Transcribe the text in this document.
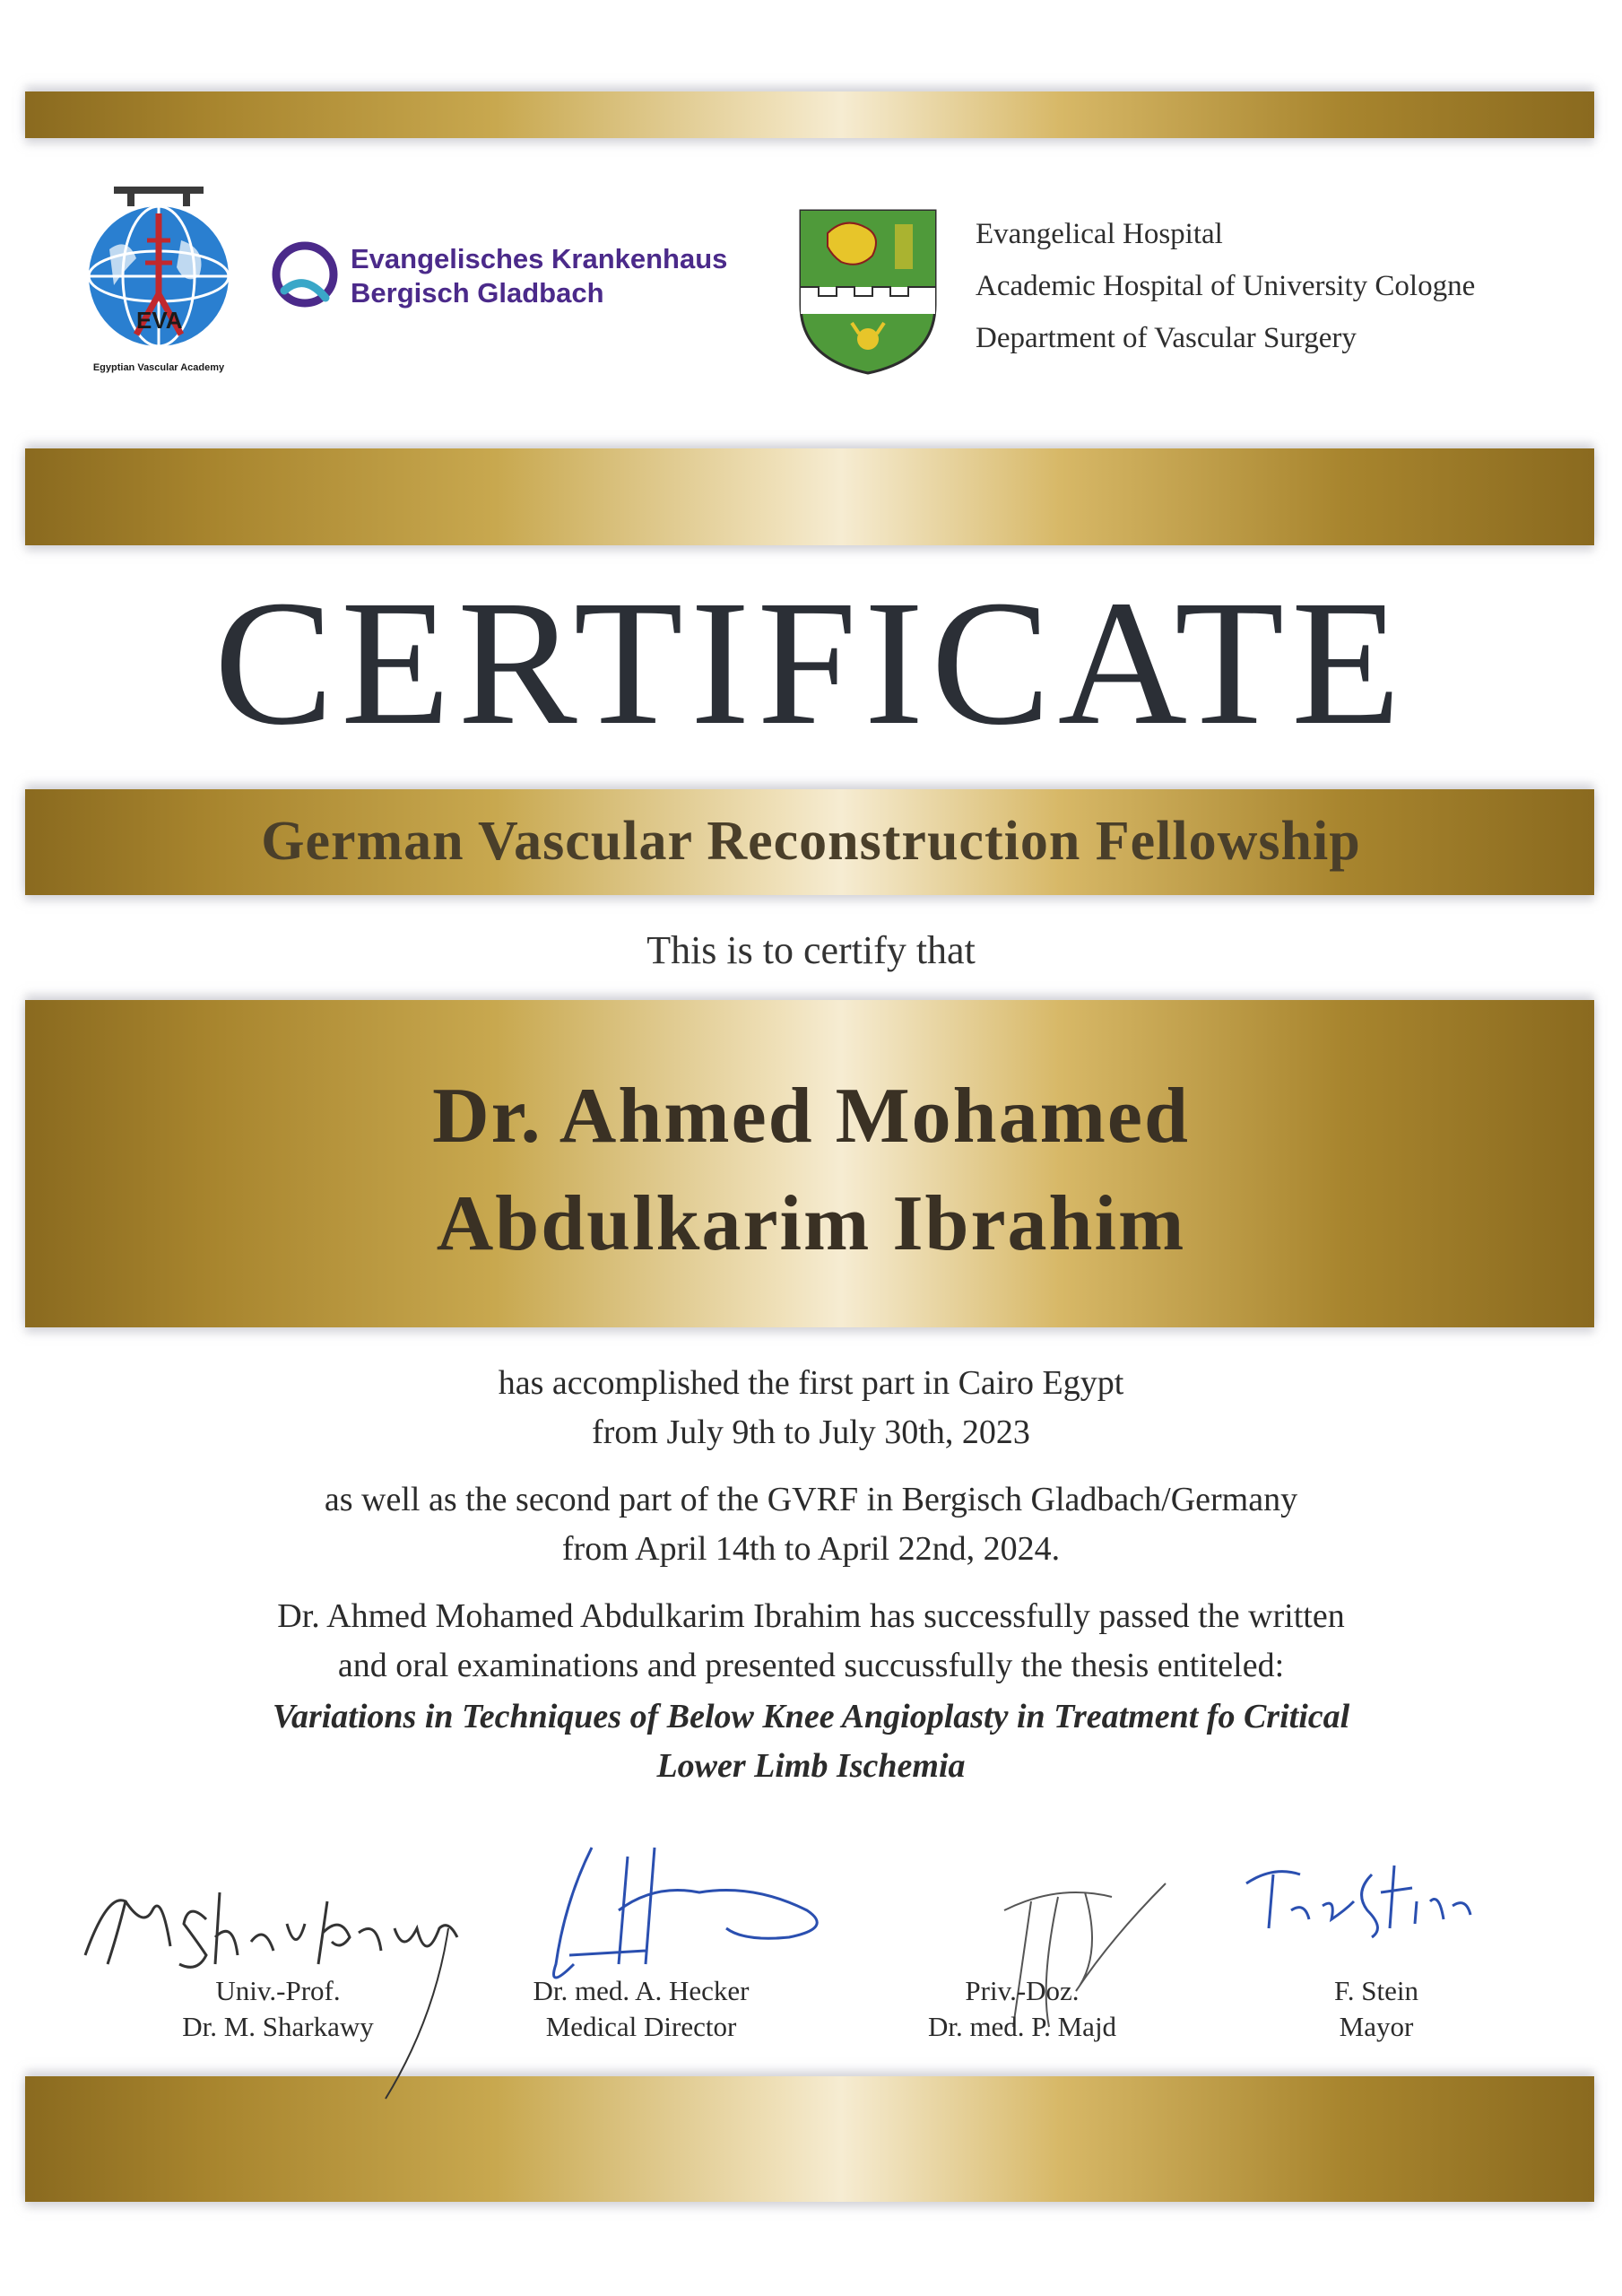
EVA
Egyptian Vascular Academy
Evangelisches Krankenhaus
Bergisch Gladbach
Evangelical Hospital
Academic Hospital of University Cologne
Department of Vascular Surgery
CERTIFICATE
German Vascular Reconstruction Fellowship
This is to certify that
Dr. Ahmed Mohamed
Abdulkarim Ibrahim
has accomplished the first part in Cairo Egypt
from July 9th to July 30th, 2023
as well as the second part of the GVRF in Bergisch Gladbach/Germany
from April 14th to April 22nd, 2024.
Dr. Ahmed Mohamed Abdulkarim Ibrahim has successfully passed the written
and oral examinations and presented succussfully the thesis entiteled:
Variations in Techniques of Below Knee Angioplasty in Treatment fo Critical
Lower Limb Ischemia
Univ.-Prof.
Dr. M. Sharkawy
Dr. med. A. Hecker
Medical Director
Priv.-Doz.
Dr. med. P. Majd
F. Stein
Mayor
